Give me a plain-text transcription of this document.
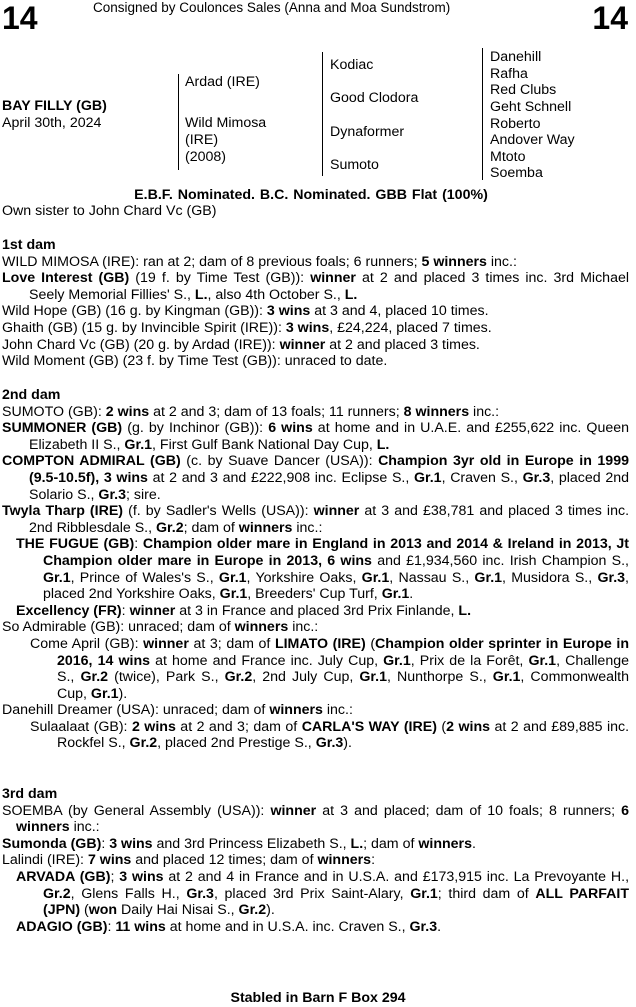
14	Consigned by Coulonces Sales (Anna and Moa Sundstrom)	14
BAY FILLY (GB)
April 30th, 2024
Ardad (IRE)
Wild Mimosa
(IRE)
(2008)
Kodiac
Good Clodora
Dynaformer
Sumoto
Danehill
Rafha
Red Clubs
Geht Schnell
Roberto
Andover Way
Mtoto
Soemba
E.B.F. Nominated. B.C. Nominated. GBB Flat (100%)
Own sister to John Chard Vc (GB)

1st dam

WILD MIMOSA (IRE): ran at 2; dam of 8 previous foals; 6 runners; 5 winners inc.:

Love Interest (GB) (19 f. by Time Test (GB)): winner at 2 and placed 3 times inc. 3rd Michael Seely Memorial Fillies' S., L., also 4th October S., L.

Wild Hope (GB) (16 g. by Kingman (GB)): 3 wins at 3 and 4, placed 10 times.

Ghaith (GB) (15 g. by Invincible Spirit (IRE)): 3 wins, £24,224, placed 7 times.

John Chard Vc (GB) (20 g. by Ardad (IRE)): winner at 2 and placed 3 times.

Wild Moment (GB) (23 f. by Time Test (GB)): unraced to date.

2nd dam

SUMOTO (GB): 2 wins at 2 and 3; dam of 13 foals; 11 runners; 8 winners inc.:

SUMMONER (GB) (g. by Inchinor (GB)): 6 wins at home and in U.A.E. and £255,622 inc. Queen Elizabeth II S., Gr.1, First Gulf Bank National Day Cup, L.

COMPTON ADMIRAL (GB) (c. by Suave Dancer (USA)): Champion 3yr old in Europe in 1999 (9.5-10.5f), 3 wins at 2 and 3 and £222,908 inc. Eclipse S., Gr.1, Craven S., Gr.3, placed 2nd Solario S., Gr.3; sire.

Twyla Tharp (IRE) (f. by Sadler's Wells (USA)): winner at 3 and £38,781 and placed 3 times inc. 2nd Ribblesdale S., Gr.2; dam of winners inc.:

THE FUGUE (GB): Champion older mare in England in 2013 and 2014 & Ireland in 2013, Jt Champion older mare in Europe in 2013, 6 wins and £1,934,560 inc. Irish Champion S., Gr.1, Prince of Wales's S., Gr.1, Yorkshire Oaks, Gr.1, Nassau S., Gr.1, Musidora S., Gr.3, placed 2nd Yorkshire Oaks, Gr.1, Breeders' Cup Turf, Gr.1.

Excellency (FR): winner at 3 in France and placed 3rd Prix Finlande, L.

So Admirable (GB): unraced; dam of winners inc.:

Come April (GB): winner at 3; dam of LIMATO (IRE) (Champion older sprinter in Europe in 2016, 14 wins at home and France inc. July Cup, Gr.1, Prix de la Forêt, Gr.1, Challenge S., Gr.2 (twice), Park S., Gr.2, 2nd July Cup, Gr.1, Nunthorpe S., Gr.1, Commonwealth Cup, Gr.1).

Danehill Dreamer (USA): unraced; dam of winners inc.:

Sulaalaat (GB): 2 wins at 2 and 3; dam of CARLA'S WAY (IRE) (2 wins at 2 and £89,885 inc. Rockfel S., Gr.2, placed 2nd Prestige S., Gr.3).

3rd dam

SOEMBA (by General Assembly (USA)): winner at 3 and placed; dam of 10 foals; 8 runners; 6 winners inc.:

Sumonda (GB): 3 wins and 3rd Princess Elizabeth S., L.; dam of winners.

Lalindi (IRE): 7 wins and placed 12 times; dam of winners:

ARVADA (GB); 3 wins at 2 and 4 in France and in U.S.A. and £173,915 inc. La Prevoyante H., Gr.2, Glens Falls H., Gr.3, placed 3rd Prix Saint-Alary, Gr.1; third dam of ALL PARFAIT (JPN) (won Daily Hai Nisai S., Gr.2).

ADAGIO (GB): 11 wins at home and in U.S.A. inc. Craven S., Gr.3.

Stabled in Barn F Box 294
